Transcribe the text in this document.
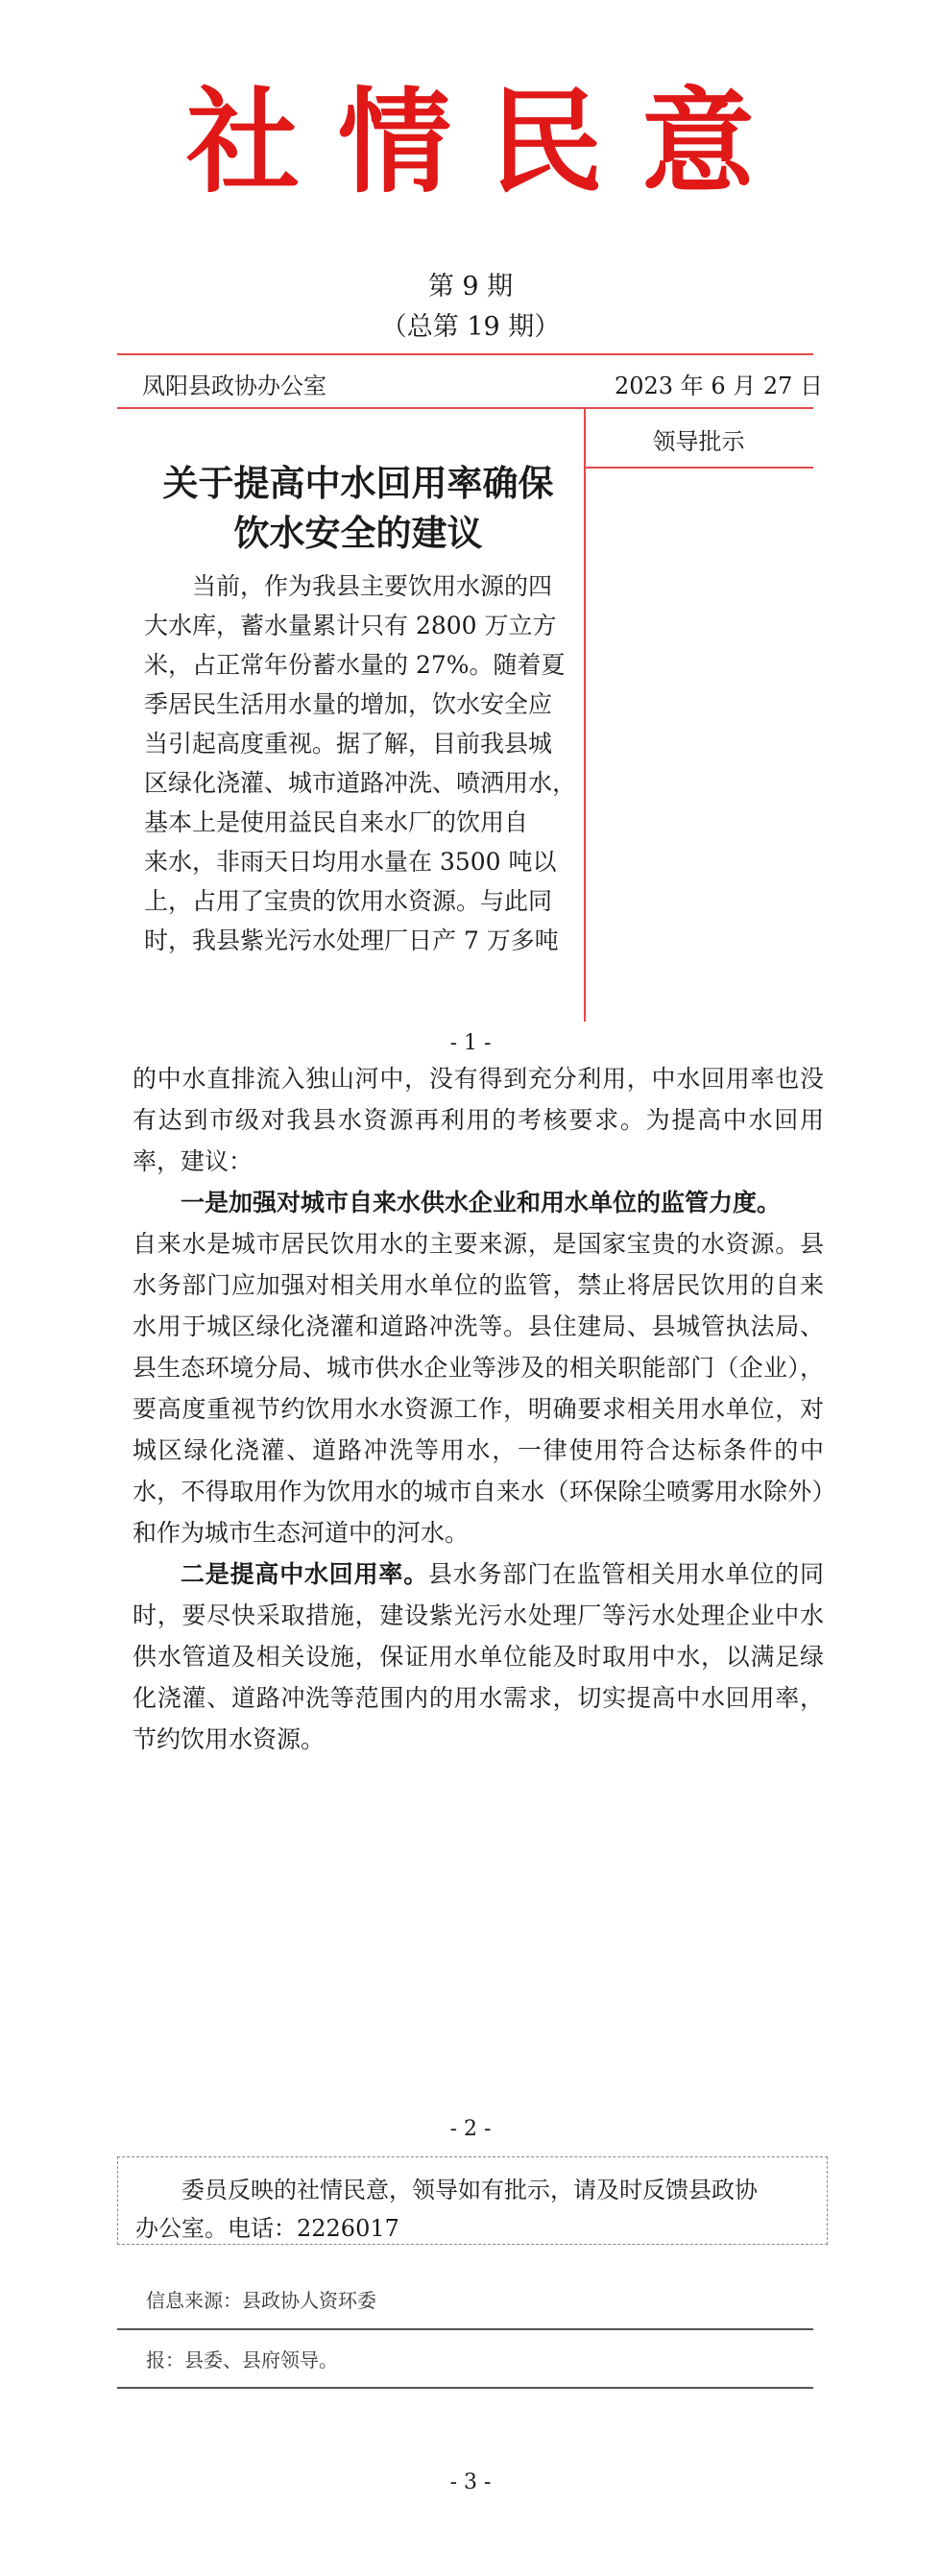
社情民意
第 9 期
（总第 19 期）
凤阳县政协办公室	2023 年 6 月 27 日
领导批示
关于提高中水回用率确保
饮水安全的建议
当前，作为我县主要饮用水源的四
大水库，蓄水量累计只有 2800 万立方
米，占正常年份蓄水量的 27%。随着夏
季居民生活用水量的增加，饮水安全应
当引起高度重视。据了解，目前我县城
区绿化浇灌、城市道路冲洗、喷洒用水，
基本上是使用益民自来水厂的饮用自
来水，非雨天日均用水量在 3500 吨以
上，占用了宝贵的饮用水资源。与此同
时，我县紫光污水处理厂日产 7 万多吨
- 1 -

的中水直排流入独山河中，没有得到充分利用，中水回用率也没有达到市级对我县水资源再利用的考核要求。为提高中水回用率，建议：

一是加强对城市自来水供水企业和用水单位的监管力度。

自来水是城市居民饮用水的主要来源，是国家宝贵的水资源。县水务部门应加强对相关用水单位的监管，禁止将居民饮用的自来水用于城区绿化浇灌和道路冲洗等。县住建局、县城管执法局、县生态环境分局、城市供水企业等涉及的相关职能部门（企业），要高度重视节约饮用水水资源工作，明确要求相关用水单位，对城区绿化浇灌、道路冲洗等用水，一律使用符合达标条件的中水，不得取用作为饮用水的城市自来水（环保除尘喷雾用水除外）和作为城市生态河道中的河水。

二是提高中水回用率。县水务部门在监管相关用水单位的同时，要尽快采取措施，建设紫光污水处理厂等污水处理企业中水供水管道及相关设施，保证用水单位能及时取用中水，以满足绿化浇灌、道路冲洗等范围内的用水需求，切实提高中水回用率，节约饮用水资源。

- 2 -
委员反映的社情民意，领导如有批示，请及时反馈县政协
办公室。电话：2226017
信息来源：县政协人资环委
报：县委、县府领导。
- 3 -
